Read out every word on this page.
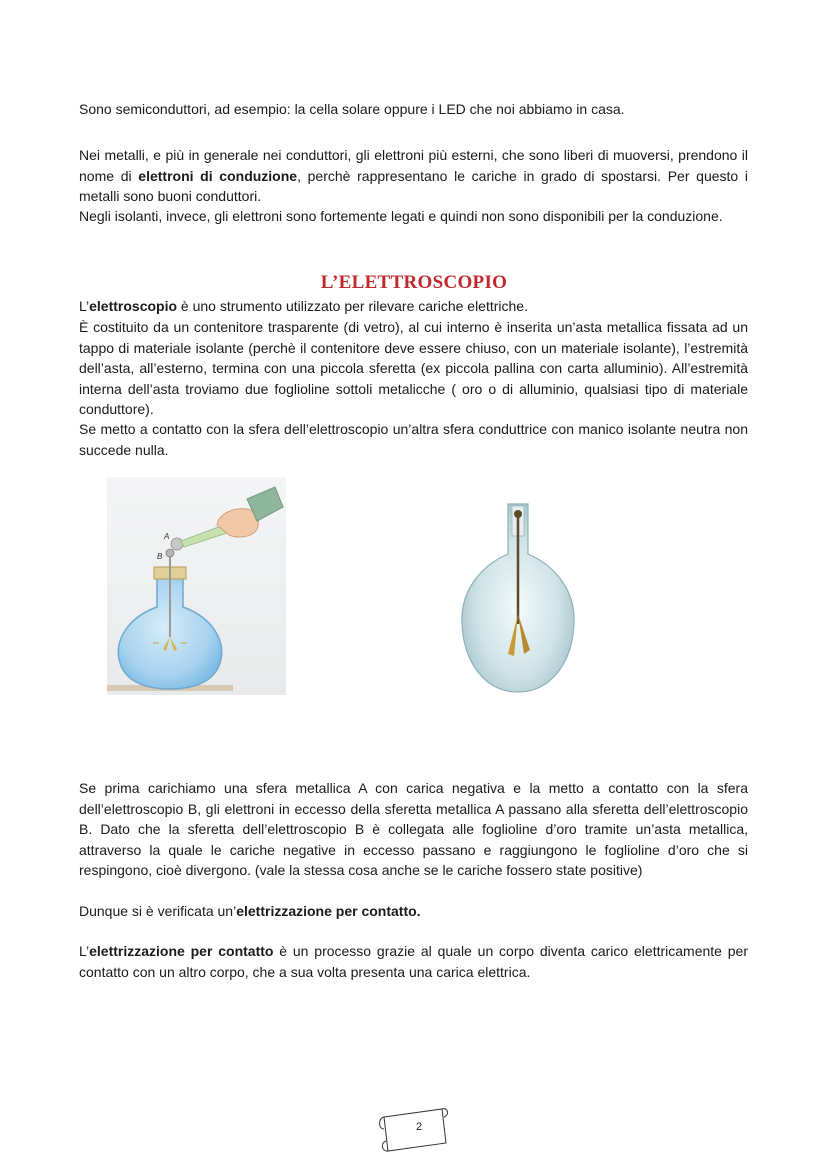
Sono semiconduttori, ad esempio: la cella solare oppure i LED che noi abbiamo in casa.

Nei metalli, e più in generale nei conduttori, gli elettroni più esterni, che sono liberi di muoversi, prendono il nome di elettroni di conduzione, perchè rappresentano le cariche in grado di spostarsi. Per questo i metalli sono buoni conduttori.

Negli isolanti, invece, gli elettroni sono fortemente legati e quindi non sono disponibili per la conduzione.

L’ELETTROSCOPIO

L’elettroscopio è uno strumento utilizzato per rilevare cariche elettriche.

È costituito da un contenitore trasparente (di vetro), al cui interno è inserita un’asta metallica fissata ad un tappo di materiale isolante (perchè il contenitore deve essere chiuso, con un materiale isolante), l’estremità dell’asta, all’esterno, termina con una piccola sferetta (ex piccola pallina con carta alluminio). All’estremità interna dell’asta troviamo due foglioline sottoli metalicche ( oro o di alluminio, qualsiasi tipo di materiale conduttore).

Se metto a contatto con la sfera dell’elettroscopio un’altra sfera conduttrice con manico isolante neutra non succede nulla.

A
B

Se prima carichiamo una sfera metallica A con carica negativa e la metto a contatto con la sfera dell’elettroscopio B, gli elettroni in eccesso della sferetta metallica A passano alla sferetta dell’elettroscopio B. Dato che la sferetta dell’elettroscopio B è collegata alle foglioline d’oro tramite un’asta metallica, attraverso la quale le cariche negative in eccesso passano e raggiungono le foglioline d’oro che si respingono, cioè divergono. (vale la stessa cosa anche se le cariche fossero state positive)

Dunque si è verificata un’elettrizzazione per contatto.

L’elettrizzazione per contatto è un processo grazie al quale un corpo diventa carico elettricamente per contatto con un altro corpo, che a sua volta presenta una carica elettrica.

2
